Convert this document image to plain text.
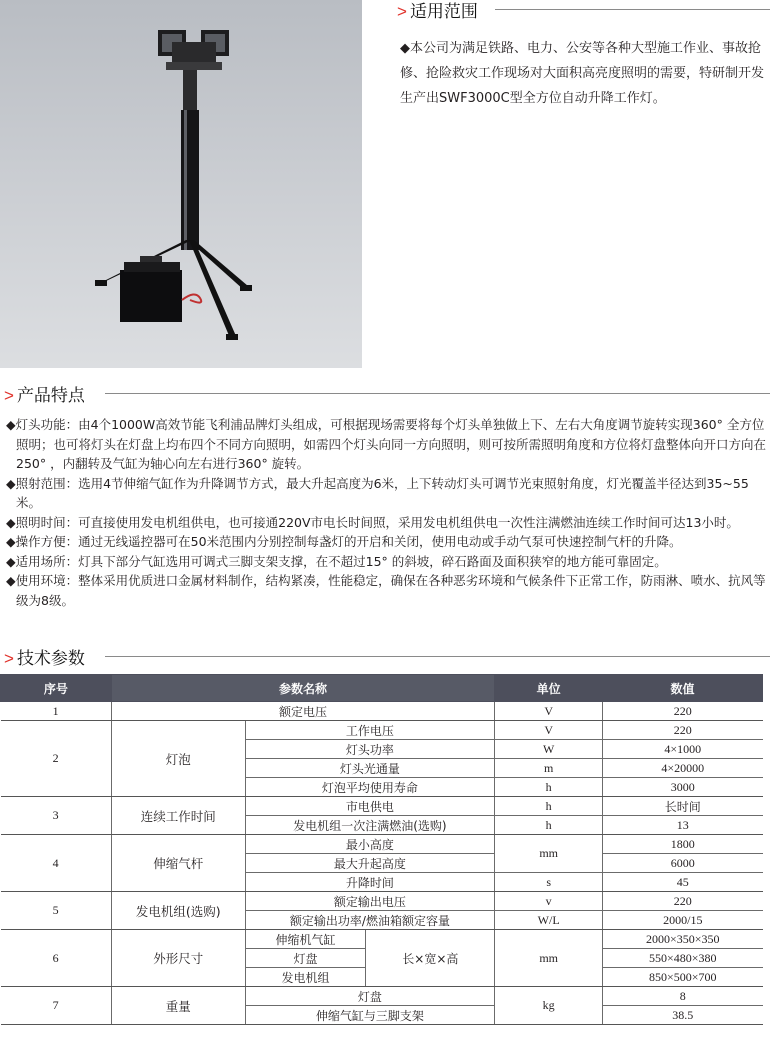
> 适用范围
◆本公司为满足铁路、电力、公安等各种大型施工作业、事故抢修、抢险救灾工作现场对大面积高亮度照明的需要，特研制开发生产出SWF3000C型全方位自动升降工作灯。
> 产品特点

◆灯头功能：由4个1000W高效节能飞利浦品牌灯头组成，可根据现场需要将每个灯头单独做上下、左右大角度调节旋转实现360° 全方位照明；也可将灯头在灯盘上均布四个不同方向照明，如需四个灯头向同一方向照明，则可按所需照明角度和方位将灯盘整体向开口方向在250° ，内翻转及气缸为轴心向左右进行360° 旋转。

◆照射范围：选用4节伸缩气缸作为升降调节方式，最大升起高度为6米，上下转动灯头可调节光束照射角度，灯光覆盖半径达到35~55米。

◆照明时间：可直接使用发电机组供电，也可接通220V市电长时间照，采用发电机组供电一次性注满燃油连续工作时间可达13小时。

◆操作方便：通过无线遥控器可在50米范围内分别控制每盏灯的开启和关闭，使用电动或手动气泵可快速控制气杆的升降。

◆适用场所：灯具下部分气缸选用可调式三脚支架支撑，在不超过15° 的斜坡，碎石路面及面积狭窄的地方能可靠固定。

◆使用环境：整体采用优质进口金属材料制作，结构紧凑，性能稳定，确保在各种恶劣环境和气候条件下正常工作，防雨淋、喷水、抗风等级为8级。

> 技术参数
序号	参数名称			单位	数值
1	额定电压			V	220
2	灯泡	工作电压		V	220
		灯头功率		W	4×1000
		灯头光通量		m	4×20000
		灯泡平均使用寿命		h	3000
3	连续工作时间	市电供电		h	长时间
		发电机组一次注满燃油(选购)		h	13
4	伸缩气杆	最小高度		mm	1800
		最大升起高度			6000
		升降时间		s	45
5	发电机组(选购)	额定输出电压		v	220
		额定输出功率/燃油箱额定容量		W/L	2000/15
6	外形尺寸	伸缩机气缸	长×宽×高	mm	2000×350×350
		灯盘			550×480×380
		发电机组			850×500×700
7	重量	灯盘		kg	8
		伸缩气缸与三脚支架			38.5
